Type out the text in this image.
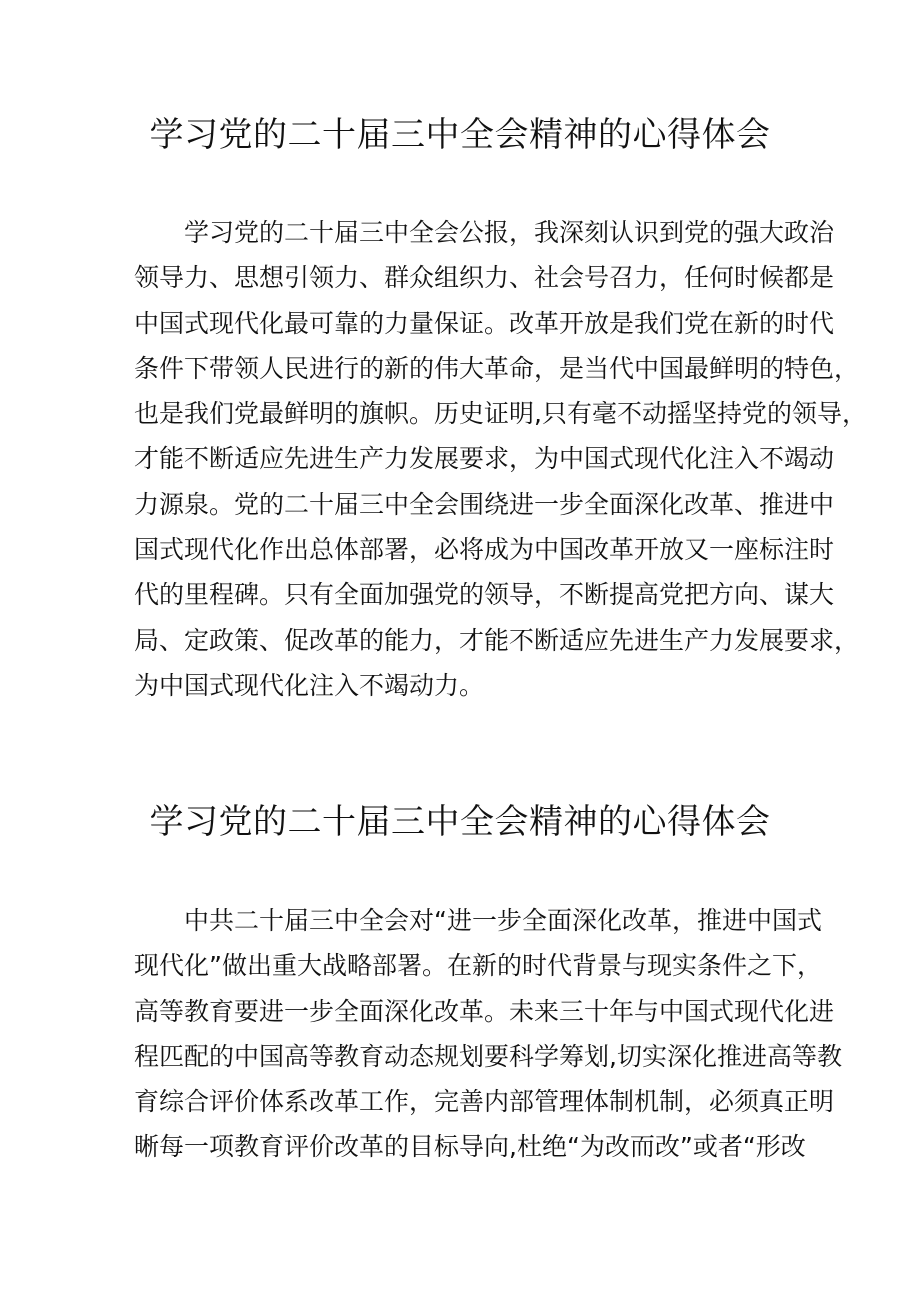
学习党的二十届三中全会精神的心得体会
学习党的二十届三中全会公报，我深刻认识到党的强大政治
领导力、思想引领力、群众组织力、社会号召力，任何时候都是
中国式现代化最可靠的力量保证。改革开放是我们党在新的时代
条件下带领人民进行的新的伟大革命，是当代中国最鲜明的特色，
也是我们党最鲜明的旗帜。历史证明,只有毫不动摇坚持党的领导，
才能不断适应先进生产力发展要求，为中国式现代化注入不竭动
力源泉。党的二十届三中全会围绕进一步全面深化改革、推进中
国式现代化作出总体部署，必将成为中国改革开放又一座标注时
代的里程碑。只有全面加强党的领导，不断提高党把方向、谋大
局、定政策、促改革的能力，才能不断适应先进生产力发展要求，
为中国式现代化注入不竭动力。
学习党的二十届三中全会精神的心得体会
中共二十届三中全会对“进一步全面深化改革，推进中国式
现代化”做出重大战略部署。在新的时代背景与现实条件之下，
高等教育要进一步全面深化改革。未来三十年与中国式现代化进
程匹配的中国高等教育动态规划要科学筹划,切实深化推进高等教
育综合评价体系改革工作，完善内部管理体制机制，必须真正明
晰每一项教育评价改革的目标导向,杜绝“为改而改”或者“形改
